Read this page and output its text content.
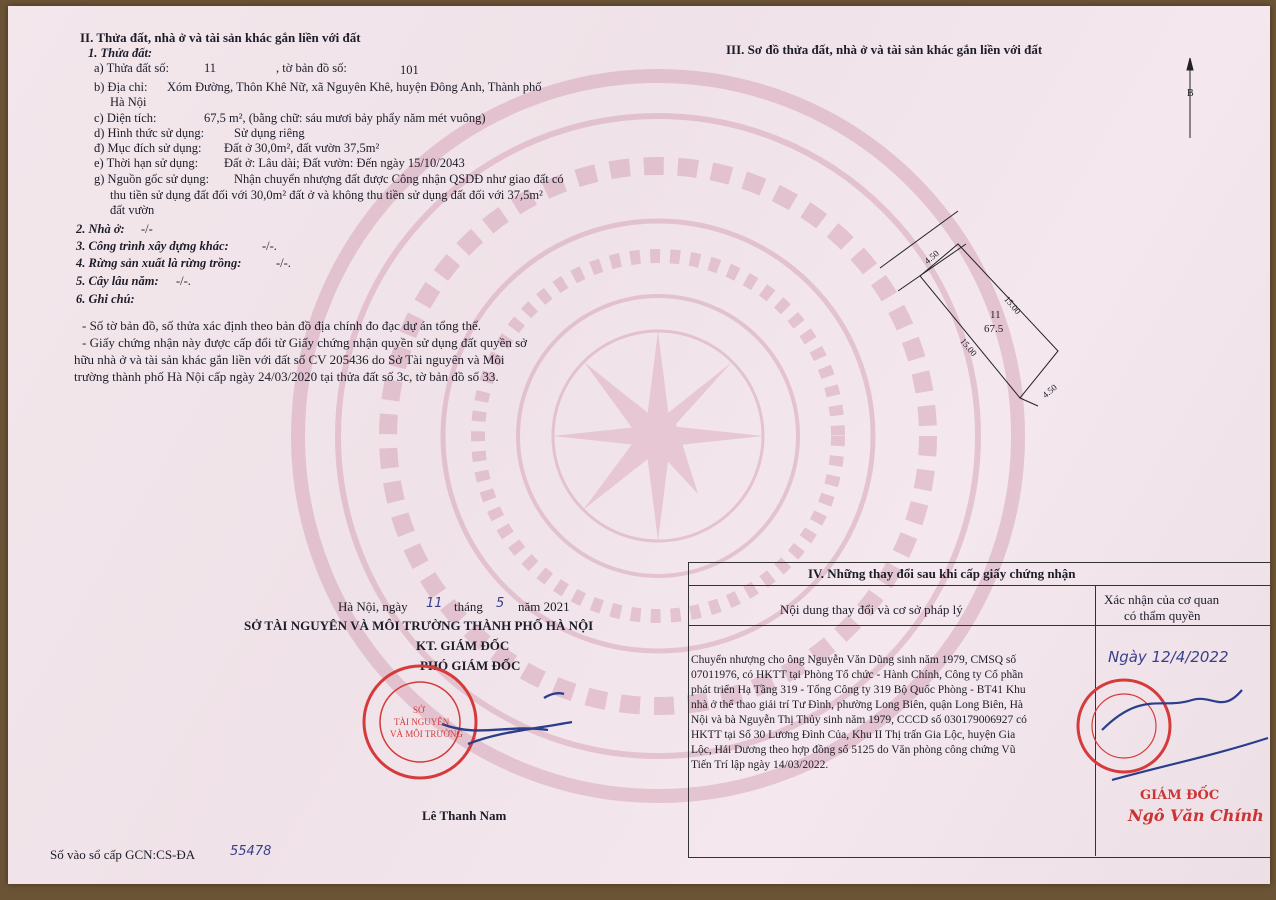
II. Thửa đất, nhà ở và tài sản khác gắn liền với đất
1. Thửa đất:
a) Thửa đất số:	11	, tờ bản đồ số:	101
b) Địa chỉ: Xóm Đường, Thôn Khê Nữ, xã Nguyên Khê, huyện Đông Anh, Thành phố
Hà Nội
c) Diện tích:	67,5 m², (bằng chữ: sáu mươi bảy phẩy năm mét vuông)
d) Hình thức sử dụng: Sử dụng riêng
đ) Mục đích sử dụng: Đất ở 30,0m², đất vườn 37,5m²
e) Thời hạn sử dụng: Đất ở: Lâu dài; Đất vườn: Đến ngày 15/10/2043
g) Nguồn gốc sử dụng: Nhận chuyển nhượng đất được Công nhận QSDĐ như giao đất có
thu tiền sử dụng đất đối với 30,0m² đất ở và không thu tiền sử dụng đất đối với 37,5m²
đất vườn
2. Nhà ở: -/-
3. Công trình xây dựng khác:	-/-.
4. Rừng sản xuất là rừng trồng:	-/-.
5. Cây lâu năm: -/-.
6. Ghi chú:
- Số tờ bản đồ, số thửa xác định theo bản đồ địa chính đo đạc dự án tổng thể.
- Giấy chứng nhận này được cấp đổi từ Giấy chứng nhận quyền sử dụng đất quyền sở
hữu nhà ở và tài sản khác gắn liền với đất số CV 205436 do Sở Tài nguyên và Môi
trường thành phố Hà Nội cấp ngày 24/03/2020 tại thửa đất số 3c, tờ bản đồ số 33.
III. Sơ đồ thửa đất, nhà ở và tài sản khác gắn liền với đất
B
11
67.5
4.50
15.00
15.00
4.50
Hà Nội, ngày 11 tháng 5 năm 2021
SỞ TÀI NGUYÊN VÀ MÔI TRƯỜNG THÀNH PHỐ HÀ NỘI
KT. GIÁM ĐỐC
PHÓ GIÁM ĐỐC
SỞ
TÀI NGUYÊN
VÀ MÔI TRƯỜNG
Lê Thanh Nam
Số vào sổ cấp GCN:CS-ĐA	55478
IV. Những thay đổi sau khi cấp giấy chứng nhận
Nội dung thay đổi và cơ sở pháp lý
Xác nhận của cơ quan
có thẩm quyền
Chuyển nhượng cho ông Nguyễn Văn Dũng sinh năm 1979, CMSQ số
07011976, có HKTT tại Phòng Tổ chức - Hành Chính, Công ty Cổ phần
phát triển Hạ Tầng 319 - Tổng Công ty 319 Bộ Quốc Phòng - BT41 Khu
nhà ở thể thao giải trí Tư Đình, phường Long Biên, quận Long Biên, Hà
Nội và bà Nguyễn Thị Thủy sinh năm 1979, CCCD số 030179006927 có
HKTT tại Số 30 Lương Đình Của, Khu II Thị trấn Gia Lộc, huyện Gia
Lộc, Hải Dương theo hợp đồng số 5125 do Văn phòng công chứng Vũ
Tiến Trí lập ngày 14/03/2022.
Ngày 12/4/2022
GIÁM ĐỐC
Ngô Văn Chính
